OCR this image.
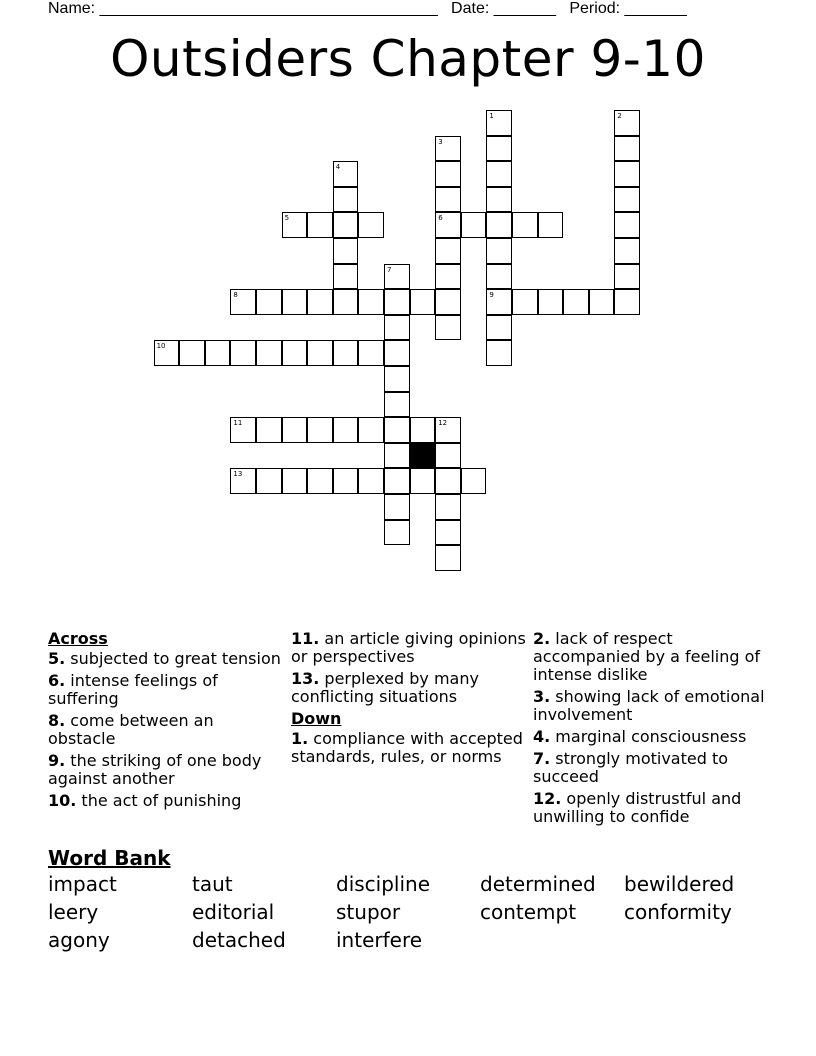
Name: ______________________________________   Date: _______   Period: _______
Outsiders Chapter 9-10
1	2
3
4
5	6
7
8	9
10
11	12
13
Across
5. subjected to great tension
6. intense feelings of suffering
8. come between an obstacle
9. the striking of one body against another
10. the act of punishing
11. an article giving opinions or perspectives
13. perplexed by many conflicting situations
Down
1. compliance with accepted standards, rules, or norms
2. lack of respect accompanied by a feeling of intense dislike
3. showing lack of emotional involvement
4. marginal consciousness
7. strongly motivated to succeed
12. openly distrustful and unwilling to confide
Word Bank
impact	taut	discipline	determined	bewildered
leery	editorial	stupor	contempt	conformity
agony	detached	interfere
